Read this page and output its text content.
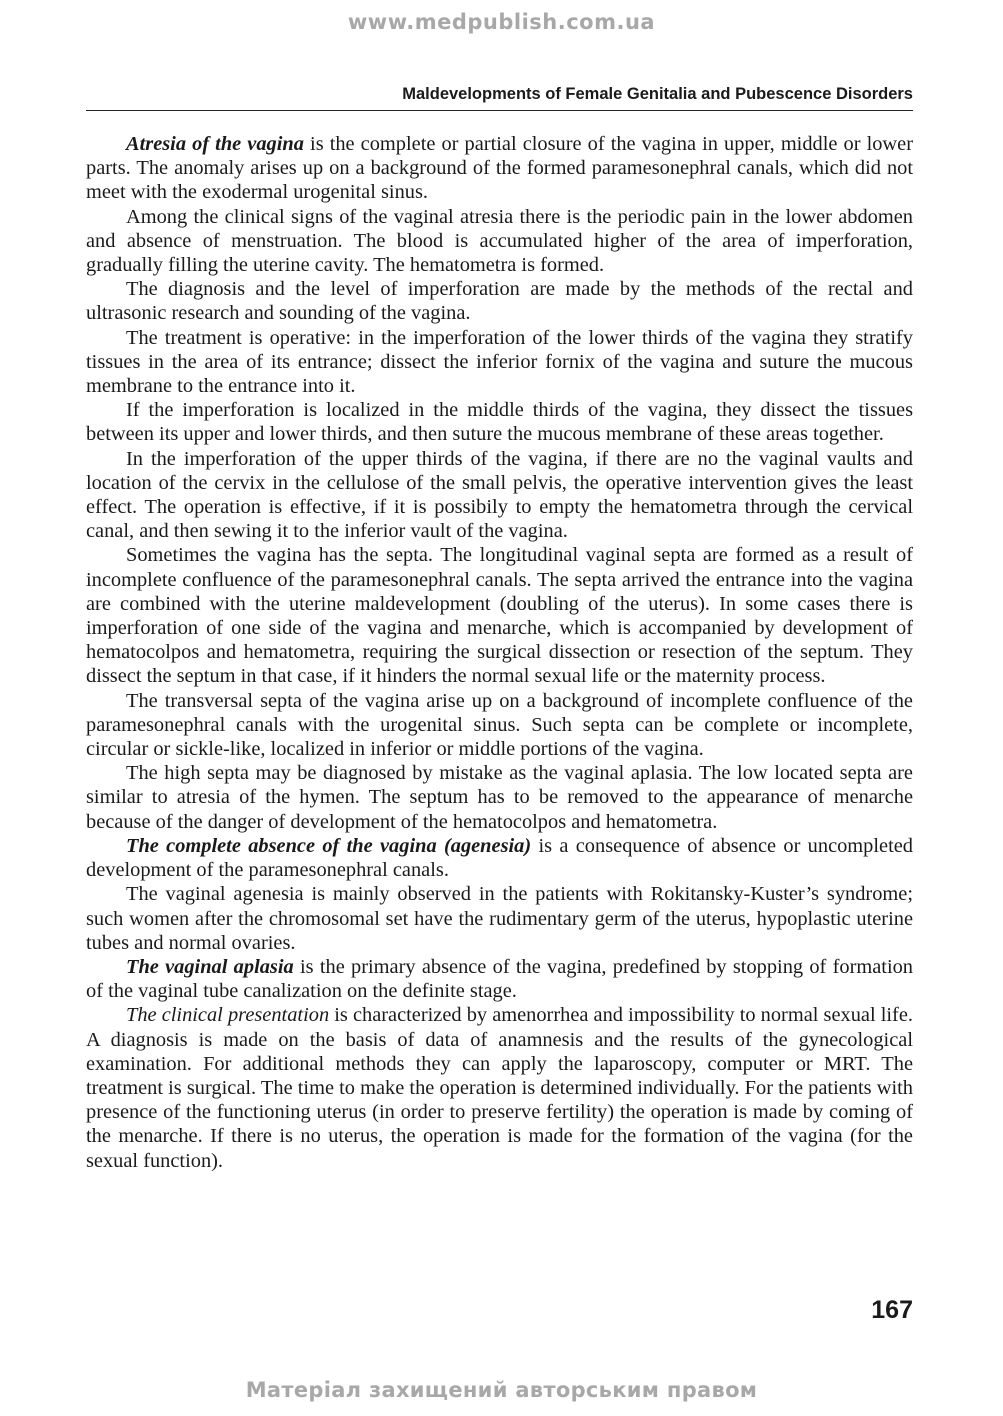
www.medpublish.com.ua
Maldevelopments of Female Genitalia and Pubescence Disorders

Atresia of the vagina is the complete or partial closure of the vagina in upper, middle or lower parts. The anomaly arises up on a background of the formed paramesonephral canals, which did not meet with the exodermal urogenital sinus.

Among the clinical signs of the vaginal atresia there is the periodic pain in the lower abdomen and absence of menstruation. The blood is accumulated higher of the area of imperforation, gradually filling the uterine cavity. The hematometra is formed.

The diagnosis and the level of imperforation are made by the methods of the rectal and ultrasonic research and sounding of the vagina.

The treatment is operative: in the imperforation of the lower thirds of the vagina they stratify tissues in the area of its entrance; dissect the inferior fornix of the vagina and suture the mucous membrane to the entrance into it.

If the imperforation is localized in the middle thirds of the vagina, they dissect the tissues between its upper and lower thirds, and then suture the mucous membrane of these areas together.

In the imperforation of the upper thirds of the vagina, if there are no the vaginal vaults and location of the cervix in the cellulose of the small pelvis, the operative intervention gives the least effect. The operation is effective, if it is possibily to empty the hematometra through the cervical canal, and then sewing it to the inferior vault of the vagina.

Sometimes the vagina has the septa. The longitudinal vaginal septa are formed as a result of incomplete confluence of the paramesonephral canals. The septa arrived the entrance into the vagina are combined with the uterine maldevelopment (doubling of the uterus). In some cases there is imperforation of one side of the vagina and menarche, which is accompanied by development of hematocolpos and hematometra, requiring the surgical dissection or resection of the septum. They dissect the septum in that case, if it hinders the normal sexual life or the maternity process.

The transversal septa of the vagina arise up on a background of incomplete confluence of the paramesonephral canals with the urogenital sinus. Such septa can be complete or incomplete, circular or sickle-like, localized in inferior or middle portions of the vagina.

The high septa may be diagnosed by mistake as the vaginal aplasia. The low located septa are similar to atresia of the hymen. The septum has to be removed to the appearance of menarche because of the danger of development of the hematocolpos and hematometra.

The complete absence of the vagina (agenesia) is a consequence of absence or uncompleted development of the paramesonephral canals.

The vaginal agenesia is mainly observed in the patients with Rokitansky-Kuster’s syndrome; such women after the chromosomal set have the rudimentary germ of the uterus, hypoplastic uterine tubes and normal ovaries.

The vaginal aplasia is the primary absence of the vagina, predefined by stopping of formation of the vaginal tube canalization on the definite stage.

The clinical presentation is characterized by amenorrhea and impossibility to normal sexual life. A diagnosis is made on the basis of data of anamnesis and the results of the gynecological examination. For additional methods they can apply the laparoscopy, computer or MRT. The treatment is surgical. The time to make the operation is determined individually. For the patients with presence of the functioning uterus (in order to preserve fertility) the operation is made by coming of the menarche. If there is no uterus, the operation is made for the formation of the vagina (for the sexual function).

167
Матеріал захищений авторським правом
